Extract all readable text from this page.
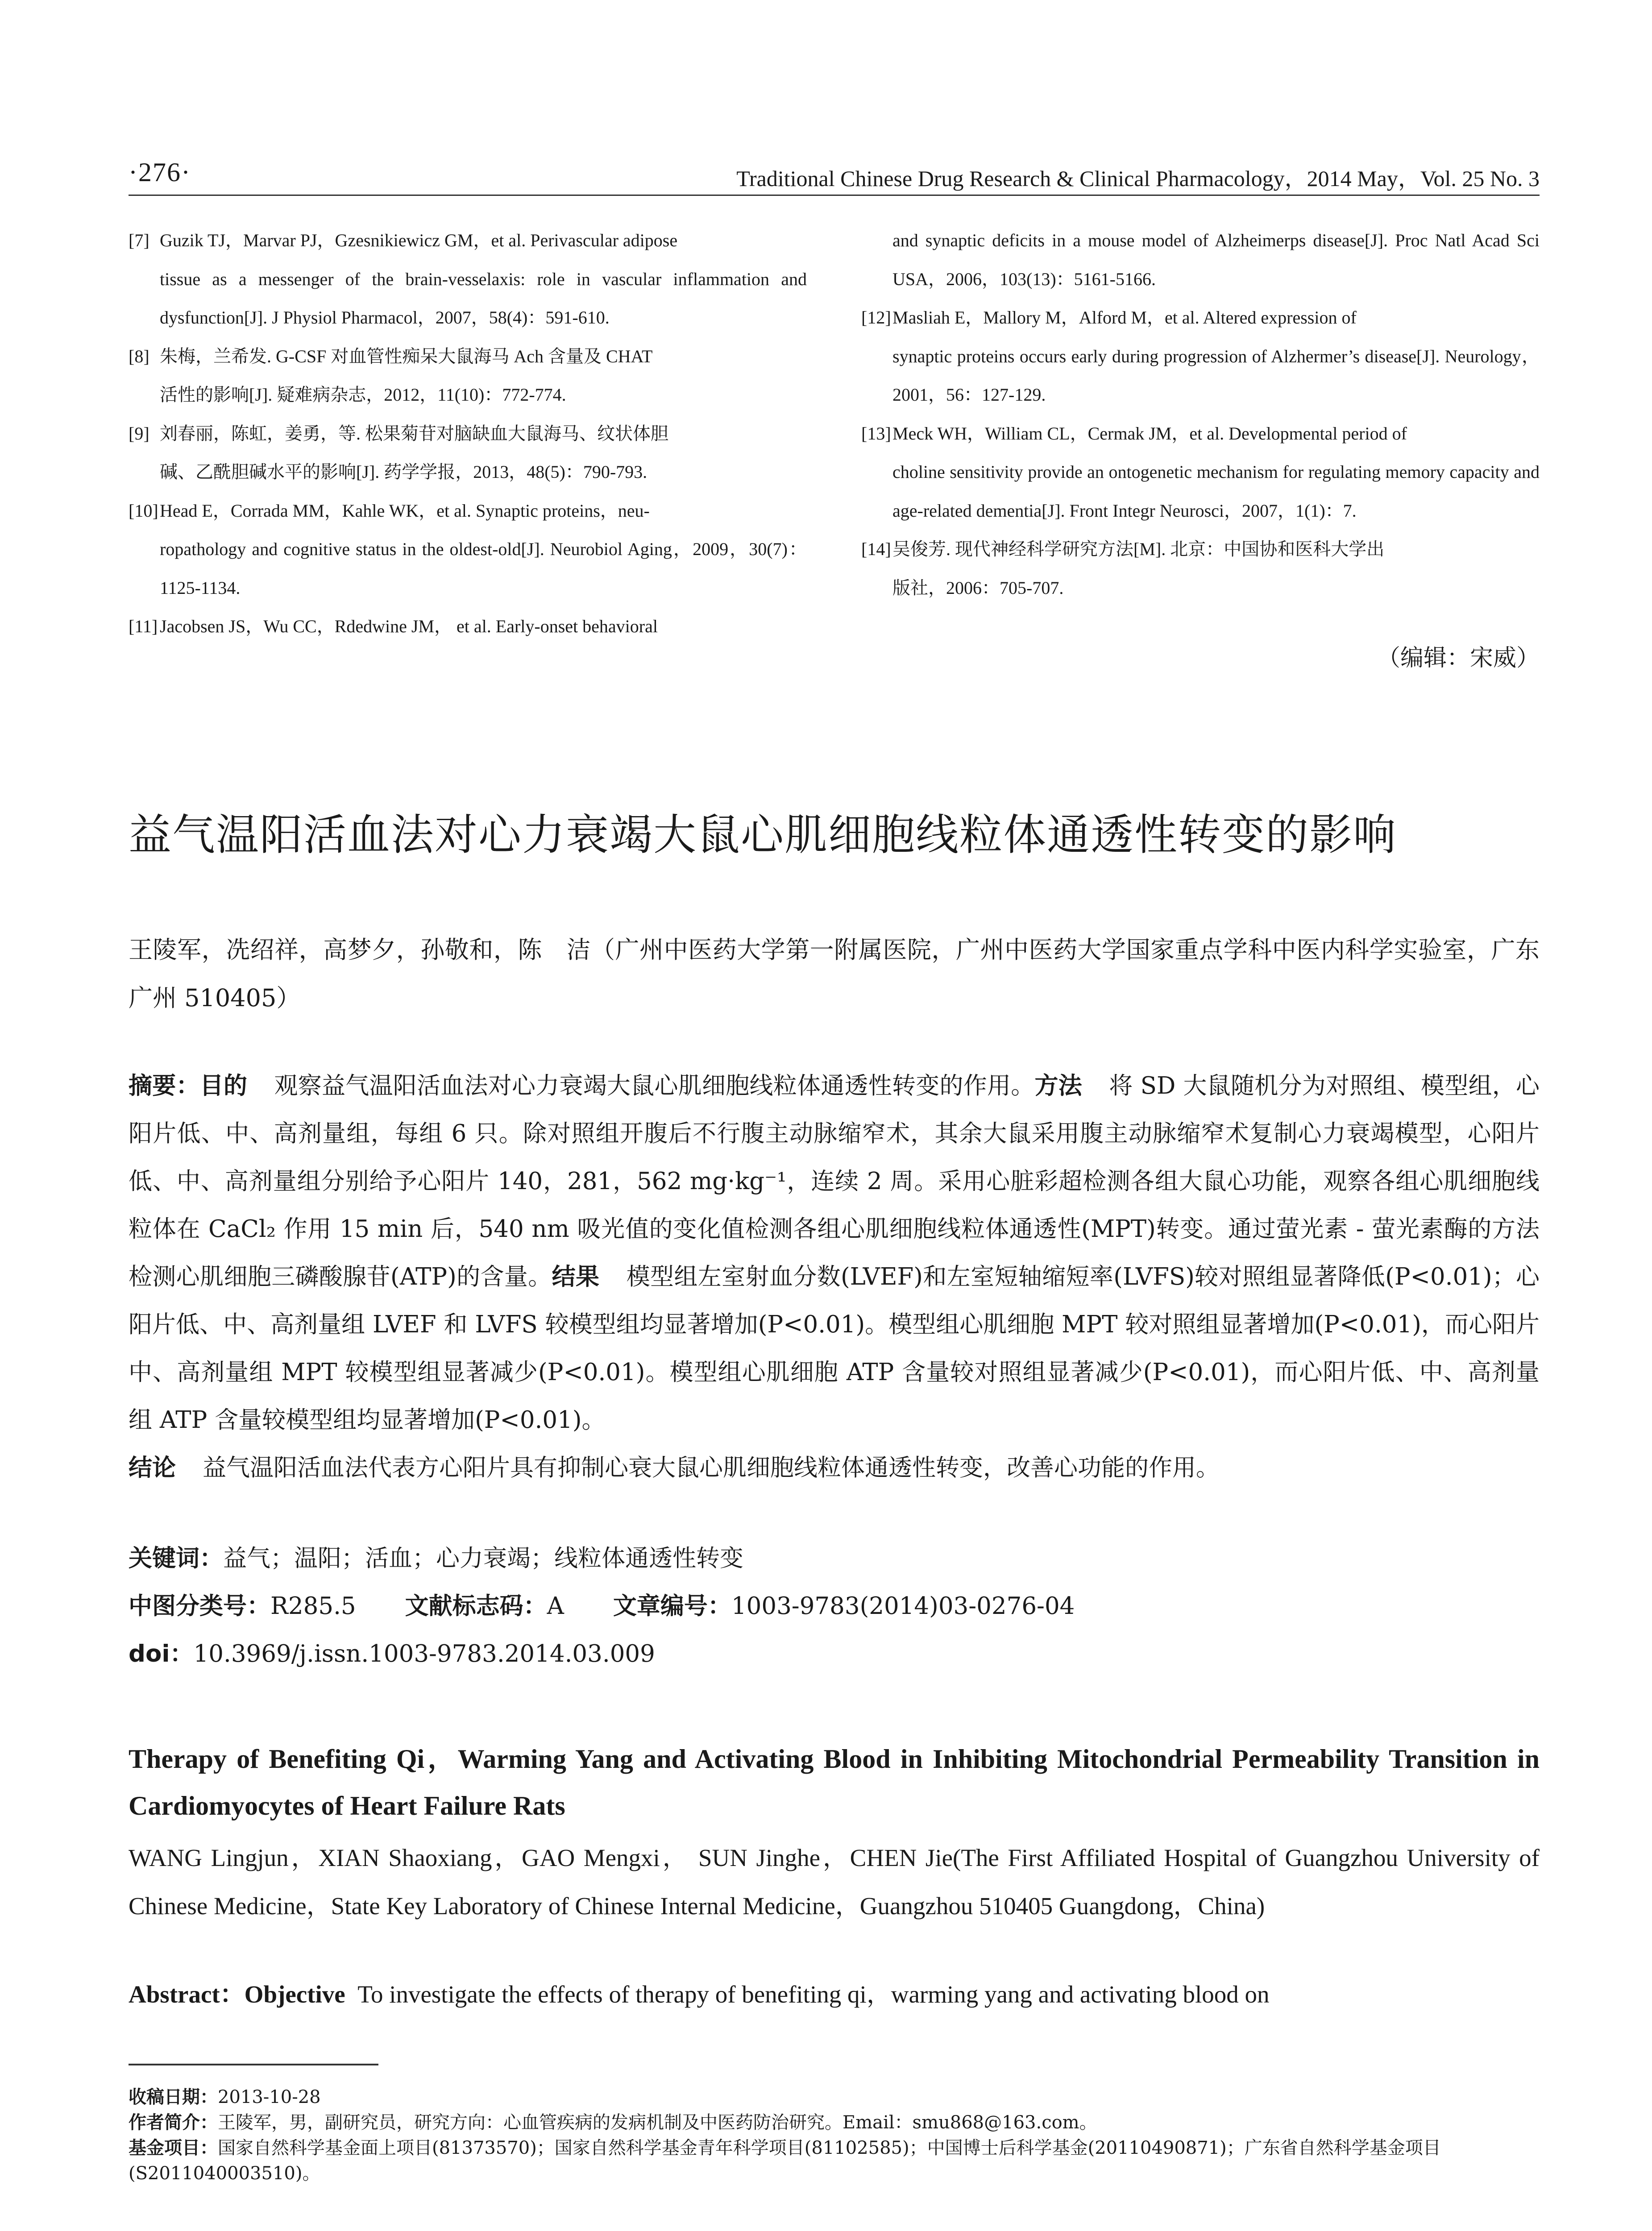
·276·	Traditional Chinese Drug Research & Clinical Pharmacology，2014 May，Vol. 25 No. 3
[7] Guzik TJ，Marvar PJ，Gzesnikiewicz GM，et al. Perivascular adipose
tissue as a messenger of the brain-vesselaxis: role in vascular inflammation and dysfunction[J]. J Physiol Pharmacol，2007，58(4)：591-610.
[8] 朱梅，兰希发. G-CSF 对血管性痴呆大鼠海马 Ach 含量及 CHAT
活性的影响[J]. 疑难病杂志，2012，11(10)：772-774.
[9] 刘春丽，陈虹，姜勇，等. 松果菊苷对脑缺血大鼠海马、纹状体胆
碱、乙酰胆碱水平的影响[J]. 药学学报，2013，48(5)：790-793.
[10]Head E，Corrada MM，Kahle WK，et al. Synaptic proteins，neu-
ropathology and cognitive status in the oldest-old[J]. Neurobiol Aging，2009，30(7)：1125-1134.
[11] Jacobsen JS，Wu CC，Rdedwine JM， et al. Early-onset behavioral
and synaptic deficits in a mouse model of Alzheimerps disease[J]. Proc Natl Acad Sci USA，2006，103(13)：5161-5166.
[12]Masliah E，Mallory M，Alford M，et al. Altered expression of
synaptic proteins occurs early during progression of Alzhermer’s disease[J]. Neurology，2001，56：127-129.
[13]Meck WH，William CL，Cermak JM，et al. Developmental period of
choline sensitivity provide an ontogenetic mechanism for regulating memory capacity and age-related dementia[J]. Front Integr Neurosci，2007，1(1)：7.
[14]吴俊芳. 现代神经科学研究方法[M]. 北京：中国协和医科大学出
版社，2006：705-707.
（编辑：宋威）
益气温阳活血法对心力衰竭大鼠心肌细胞线粒体通透性转变的影响
王陵军，冼绍祥，高梦夕，孙敬和，陈　洁（广州中医药大学第一附属医院，广州中医药大学国家重点学科中医内科学实验室，广东 广州 510405）
摘要：目的 观察益气温阳活血法对心力衰竭大鼠心肌细胞线粒体通透性转变的作用。方法 将 SD 大鼠随机分为对照组、模型组，心阳片低、中、高剂量组，每组 6 只。除对照组开腹后不行腹主动脉缩窄术，其余大鼠采用腹主动脉缩窄术复制心力衰竭模型，心阳片低、中、高剂量组分别给予心阳片 140，281，562 mg·kg⁻¹，连续 2 周。采用心脏彩超检测各组大鼠心功能，观察各组心肌细胞线粒体在 CaCl₂ 作用 15 min 后，540 nm 吸光值的变化值检测各组心肌细胞线粒体通透性(MPT)转变。通过萤光素 - 萤光素酶的方法检测心肌细胞三磷酸腺苷(ATP)的含量。结果 模型组左室射血分数(LVEF)和左室短轴缩短率(LVFS)较对照组显著降低(P<0.01)；心阳片低、中、高剂量组 LVEF 和 LVFS 较模型组均显著增加(P<0.01)。模型组心肌细胞 MPT 较对照组显著增加(P<0.01)，而心阳片中、高剂量组 MPT 较模型组显著减少(P<0.01)。模型组心肌细胞 ATP 含量较对照组显著减少(P<0.01)，而心阳片低、中、高剂量组 ATP 含量较模型组均显著增加(P<0.01)。
结论 益气温阳活血法代表方心阳片具有抑制心衰大鼠心肌细胞线粒体通透性转变，改善心功能的作用。
关键词：益气；温阳；活血；心力衰竭；线粒体通透性转变
中图分类号：R285.5 文献标志码：A 文章编号：1003-9783(2014)03-0276-04
doi：10.3969/j.issn.1003-9783.2014.03.009
Therapy of Benefiting Qi，Warming Yang and Activating Blood in Inhibiting Mitochondrial Permeability Transition in Cardiomyocytes of Heart Failure Rats
WANG Lingjun，XIAN Shaoxiang，GAO Mengxi， SUN Jinghe，CHEN Jie(The First Affiliated Hospital of Guangzhou University of Chinese Medicine，State Key Laboratory of Chinese Internal Medicine，Guangzhou 510405 Guangdong，China)
Abstract：Objective To investigate the effects of therapy of benefiting qi，warming yang and activating blood on
收稿日期：2013-10-28
作者简介：王陵军，男，副研究员，研究方向：心血管疾病的发病机制及中医药防治研究。Email：smu868@163.com。
基金项目：国家自然科学基金面上项目(81373570)；国家自然科学基金青年科学项目(81102585)；中国博士后科学基金(20110490871)；广东省自然科学基金项目(S2011040003510)。
